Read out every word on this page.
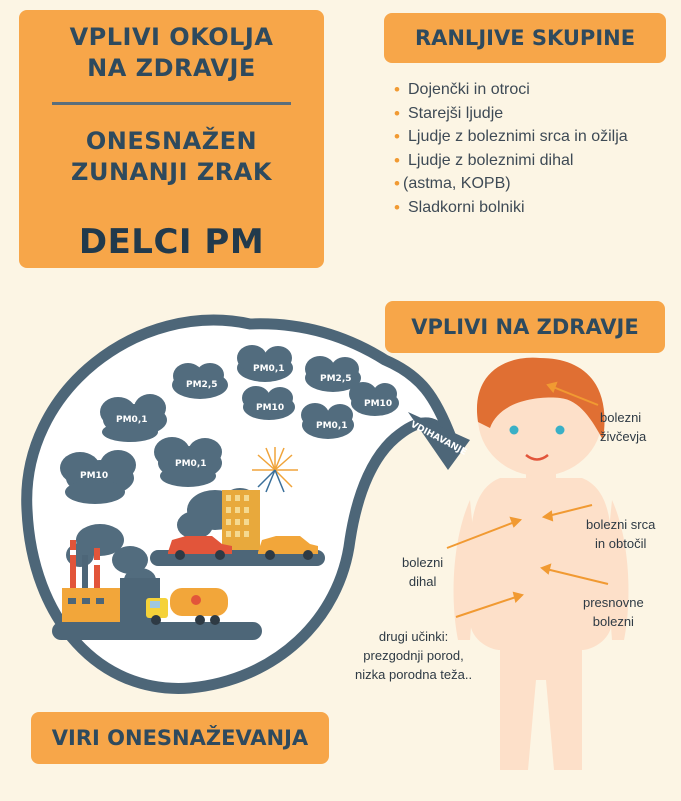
VPLIVI OKOLJA
NA ZDRAVJE
ONESNAŽEN
ZUNANJI ZRAK
DELCI PM
RANLJIVE SKUPINE
• Dojenčki in otroci
• Starejši ljudje
• Ljudje z boleznimi srca in ožilja
• Ljudje z boleznimi dihal
• (astma, KOPB)
• Sladkorni bolniki
VDIHAVANJE
PM0,1
PM2,5
PM0,1
PM2,5
PM10	PM10
PM0,1
PM10
PM0,1
VPLIVI NA ZDRAVJE
bolezni
živčevja
bolezni srca
in obtočil
bolezni
dihal
presnovne
bolezni
drugi učinki:
prezgodnji porod,
nizka porodna teža..
VIRI ONESNAŽEVANJA
